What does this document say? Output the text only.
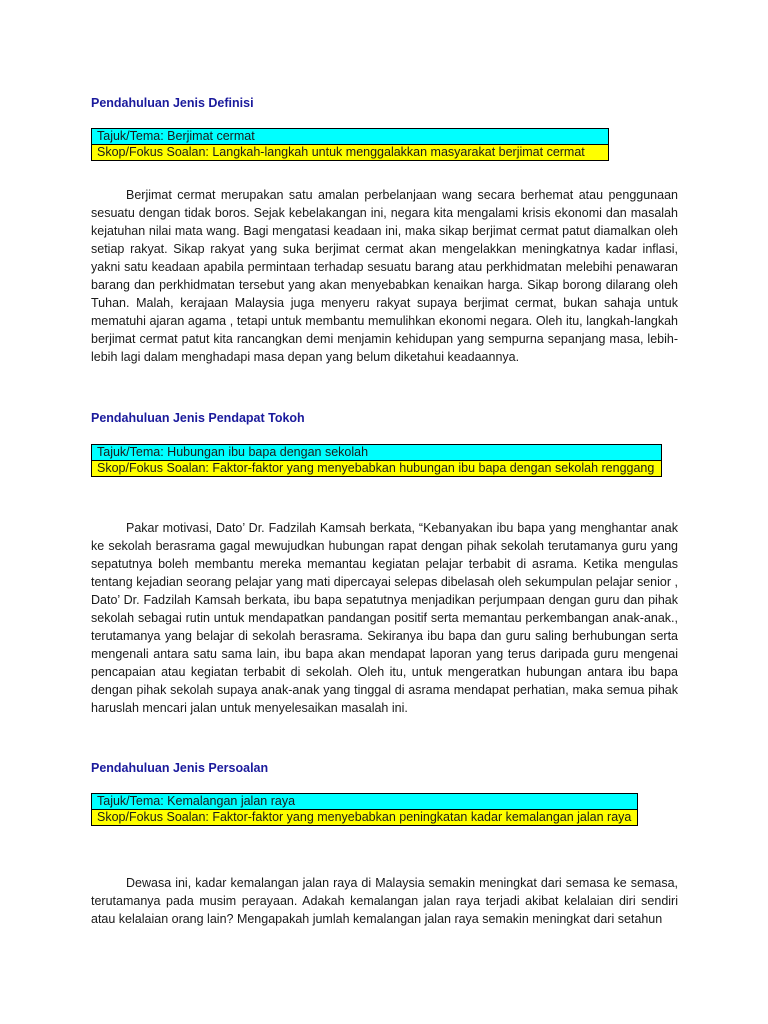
Pendahuluan Jenis Definisi
Tajuk/Tema: Berjimat cermat
Skop/Fokus Soalan: Langkah-langkah untuk menggalakkan masyarakat berjimat cermat

Berjimat cermat merupakan satu amalan perbelanjaan wang secara berhemat atau penggunaan sesuatu dengan tidak boros. Sejak kebelakangan ini, negara kita mengalami krisis ekonomi dan masalah kejatuhan nilai mata wang. Bagi mengatasi keadaan ini, maka sikap berjimat cermat patut diamalkan oleh setiap rakyat. Sikap rakyat yang suka berjimat cermat akan mengelakkan meningkatnya kadar inflasi, yakni satu keadaan apabila permintaan terhadap sesuatu barang atau perkhidmatan melebihi penawaran barang dan perkhidmatan tersebut yang akan menyebabkan kenaikan harga. Sikap borong dilarang oleh Tuhan. Malah, kerajaan Malaysia juga menyeru rakyat supaya berjimat cermat, bukan sahaja untuk mematuhi ajaran agama , tetapi untuk membantu memulihkan ekonomi negara. Oleh itu, langkah-langkah berjimat cermat patut kita rancangkan demi menjamin kehidupan yang sempurna sepanjang masa, lebih-lebih lagi dalam menghadapi masa depan yang belum diketahui keadaannya.

Pendahuluan Jenis Pendapat Tokoh
Tajuk/Tema: Hubungan ibu bapa dengan sekolah
Skop/Fokus Soalan: Faktor-faktor yang menyebabkan hubungan ibu bapa dengan sekolah renggang

Pakar motivasi, Dato’ Dr. Fadzilah Kamsah berkata, “Kebanyakan ibu bapa yang menghantar anak ke sekolah berasrama gagal mewujudkan hubungan rapat dengan pihak sekolah terutamanya guru yang sepatutnya boleh membantu mereka memantau kegiatan pelajar terbabit di asrama. Ketika mengulas tentang kejadian seorang pelajar yang mati dipercayai selepas dibelasah oleh sekumpulan pelajar senior , Dato’ Dr. Fadzilah Kamsah berkata, ibu bapa sepatutnya menjadikan perjumpaan dengan guru dan pihak sekolah sebagai rutin untuk mendapatkan pandangan positif serta memantau perkembangan anak-anak., terutamanya yang belajar di sekolah berasrama. Sekiranya ibu bapa dan guru saling berhubungan serta mengenali antara satu sama lain, ibu bapa akan mendapat laporan yang terus daripada guru mengenai pencapaian atau kegiatan terbabit di sekolah. Oleh itu, untuk mengeratkan hubungan antara ibu bapa dengan pihak sekolah supaya anak-anak yang tinggal di asrama mendapat perhatian, maka semua pihak haruslah mencari jalan untuk menyelesaikan masalah ini.

Pendahuluan Jenis Persoalan
Tajuk/Tema: Kemalangan jalan raya
Skop/Fokus Soalan: Faktor-faktor yang menyebabkan peningkatan kadar kemalangan jalan raya

Dewasa ini, kadar kemalangan jalan raya di Malaysia semakin meningkat dari semasa ke semasa, terutamanya pada musim perayaan. Adakah kemalangan jalan raya terjadi akibat kelalaian diri sendiri atau kelalaian orang lain? Mengapakah jumlah kemalangan jalan raya semakin meningkat dari setahun
